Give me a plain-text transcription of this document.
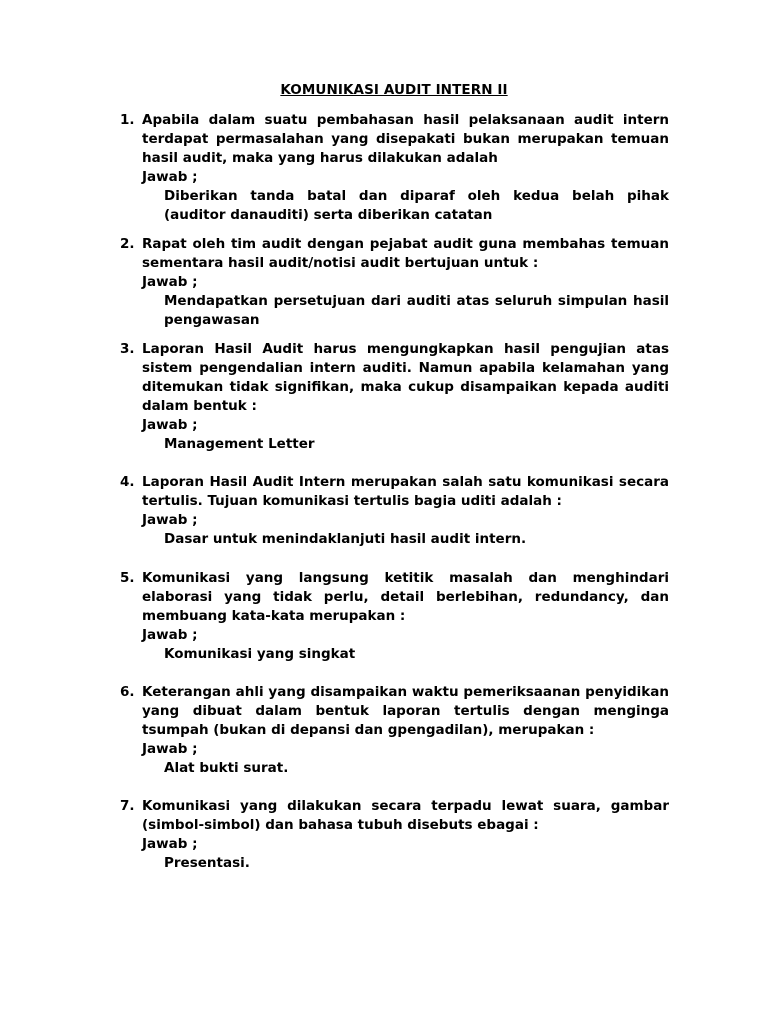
KOMUNIKASI AUDIT INTERN II
1. Apabila dalam suatu pembahasan hasil pelaksanaan audit intern terdapat permasalahan yang disepakati bukan merupakan temuan hasil audit, maka yang harus dilakukan adalah

Jawab ;

Diberikan tanda batal dan diparaf oleh kedua belah pihak (auditor danauditi) serta diberikan catatan

2. Rapat oleh tim audit dengan pejabat audit guna membahas temuan sementara hasil audit/notisi audit bertujuan untuk :

Jawab ;

Mendapatkan persetujuan dari auditi atas seluruh simpulan hasil pengawasan

3. Laporan Hasil Audit harus mengungkapkan hasil pengujian atas sistem pengendalian intern auditi. Namun apabila kelamahan yang ditemukan tidak signifikan, maka cukup disampaikan kepada auditi dalam bentuk :

Jawab ;

Management Letter

4. Laporan Hasil Audit Intern merupakan salah satu komunikasi secara tertulis. Tujuan komunikasi tertulis bagia uditi adalah :

Jawab ;

Dasar untuk menindaklanjuti hasil audit intern.

5. Komunikasi yang langsung ketitik masalah dan menghindari elaborasi yang tidak perlu, detail berlebihan, redundancy, dan membuang kata-kata merupakan :

Jawab ;

Komunikasi yang singkat

6. Keterangan ahli yang disampaikan waktu pemeriksaanan penyidikan yang dibuat dalam bentuk laporan tertulis dengan menginga tsumpah (bukan di depansi dan gpengadilan), merupakan :

Jawab ;

Alat bukti surat.

7. Komunikasi yang dilakukan secara terpadu lewat suara, gambar (simbol-simbol) dan bahasa tubuh disebuts ebagai :

Jawab ;

Presentasi.
